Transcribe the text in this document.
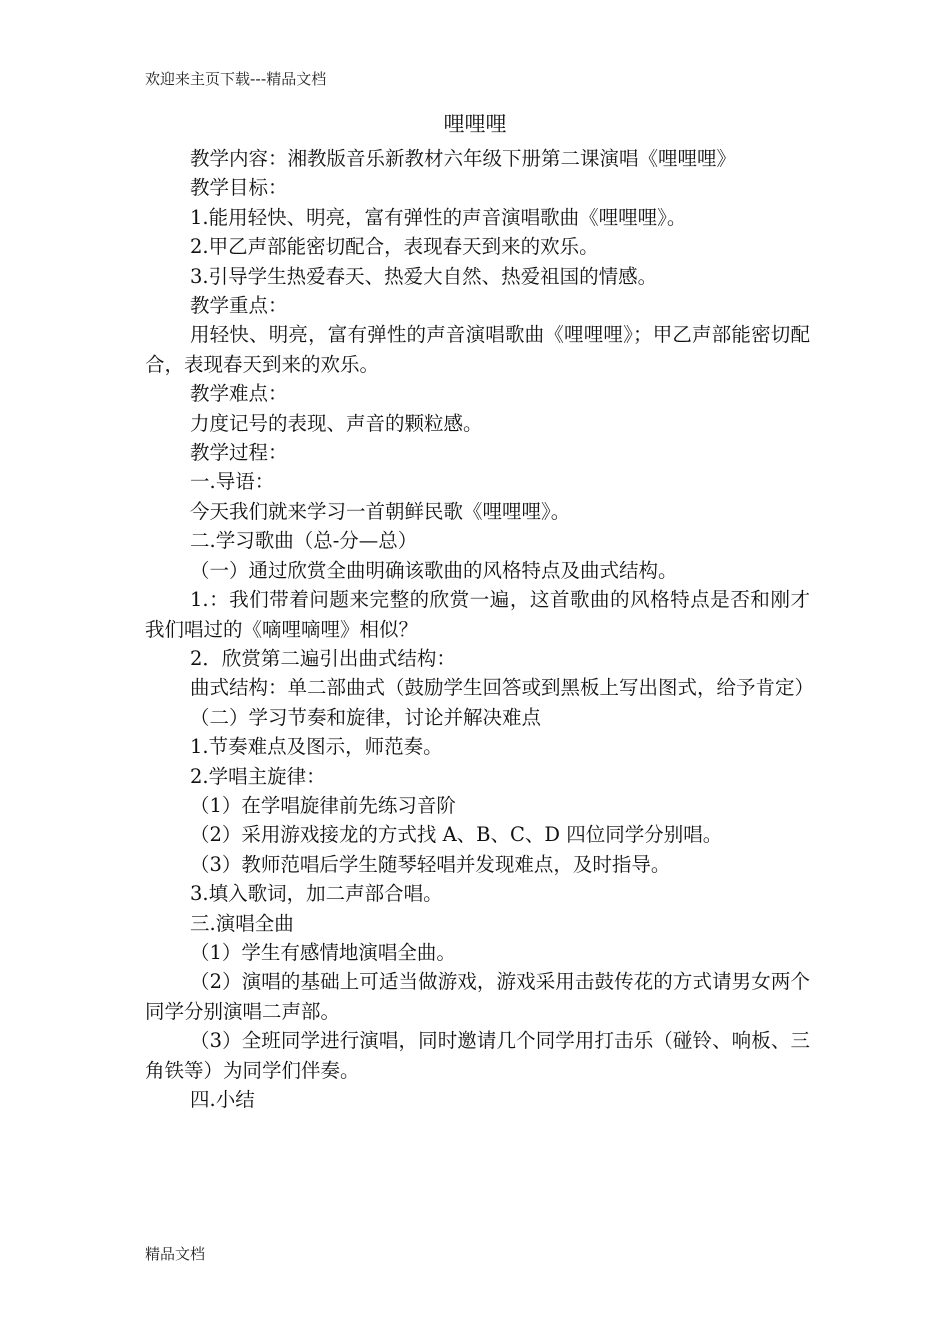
欢迎来主页下载---精品文档
哩哩哩

教学内容：湘教版音乐新教材六年级下册第二课演唱《哩哩哩》

教学目标：

1.能用轻快、明亮，富有弹性的声音演唱歌曲《哩哩哩》。

2.甲乙声部能密切配合，表现春天到来的欢乐。

3.引导学生热爱春天、热爱大自然、热爱祖国的情感。

教学重点：

用轻快、明亮，富有弹性的声音演唱歌曲《哩哩哩》；甲乙声部能密切配合，表现春天到来的欢乐。

教学难点：

力度记号的表现、声音的颗粒感。

教学过程：

一.导语：

今天我们就来学习一首朝鲜民歌《哩哩哩》。

二.学习歌曲（总-分—总）

（一）通过欣赏全曲明确该歌曲的风格特点及曲式结构。

1.：我们带着问题来完整的欣赏一遍，这首歌曲的风格特点是否和刚才我们唱过的《嘀哩嘀哩》相似？

2．欣赏第二遍引出曲式结构：

曲式结构：单二部曲式（鼓励学生回答或到黑板上写出图式，给予肯定）

（二）学习节奏和旋律，讨论并解决难点

1.节奏难点及图示，师范奏。

2.学唱主旋律：

（1）在学唱旋律前先练习音阶

（2）采用游戏接龙的方式找 A、B、C、D 四位同学分别唱。

（3）教师范唱后学生随琴轻唱并发现难点，及时指导。

3.填入歌词，加二声部合唱。

三.演唱全曲

（1）学生有感情地演唱全曲。

（2）演唱的基础上可适当做游戏，游戏采用击鼓传花的方式请男女两个同学分别演唱二声部。

（3）全班同学进行演唱，同时邀请几个同学用打击乐（碰铃、响板、三角铁等）为同学们伴奏。

四.小结

精品文档
